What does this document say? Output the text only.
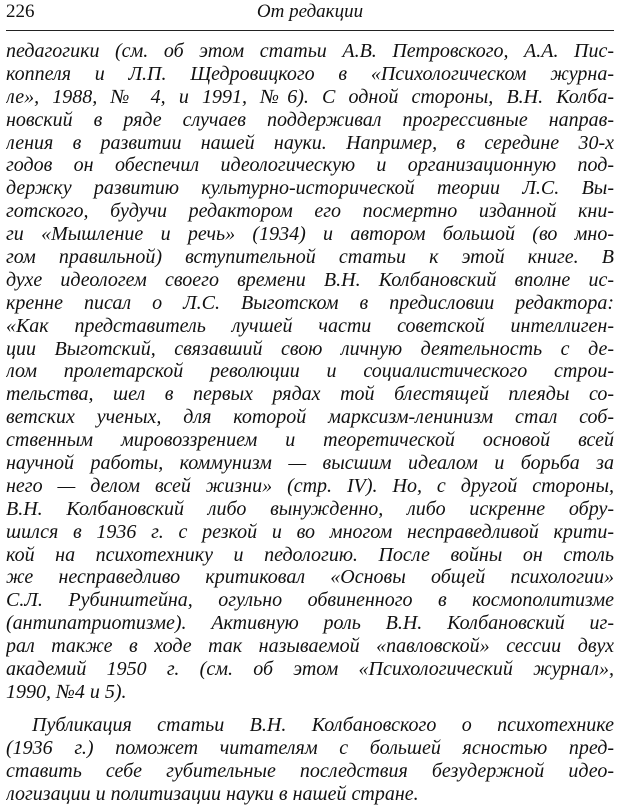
226	От редакции
педагогики (см. об этом статьи А.В. Петровского, А.А. Пис-
коппеля и Л.П. Щедровицкого в «Психологическом журна-
ле», 1988, № 4, и 1991, №6). С одной стороны, В.Н. Колба-
новский в ряде случаев поддерживал прогрессивные направ-
ления в развитии нашей науки. Например, в середине 30-х
годов он обеспечил идеологическую и организационную под-
держку развитию культурно-исторической теории Л.С. Вы-
готского, будучи редактором его посмертно изданной кни-
ги «Мышление и речь» (1934) и автором большой (во мно-
гом правильной) вступительной статьи к этой книге. В
духе идеологем своего времени В.Н. Колбановский вполне ис-
кренне писал о Л.С. Выготском в предисловии редактора:
«Как представитель лучшей части советской интеллиген-
ции Выготский, связавший свою личную деятельность с де-
лом пролетарской революции и социалистического строи-
тельства, шел в первых рядах той блестящей плеяды со-
ветских ученых, для которой марксизм-ленинизм стал соб-
ственным мировоззрением и теоретической основой всей
научной работы, коммунизм — высшим идеалом и борьба за
него — делом всей жизни» (стр. IV). Но, с другой стороны,
В.Н. Колбановский либо вынужденно, либо искренне обру-
шился в 1936 г. с резкой и во многом несправедливой крити-
кой на психотехнику и педологию. После войны он столь
же несправедливо критиковал «Основы общей психологии»
С.Л. Рубинштейна, огульно обвиненного в космополитизме
(антипатриотизме). Активную роль В.Н. Колбановский иг-
рал также в ходе так называемой «павловской» сессии двух
академий 1950 г. (см. об этом «Психологический журнал»,
1990, №4 и 5).
Публикация статьи В.Н. Колбановского о психотехнике
(1936 г.) поможет читателям с большей ясностью пред-
ставить себе губительные последствия безудержной идео-
логизации и политизации науки в нашей стране.
